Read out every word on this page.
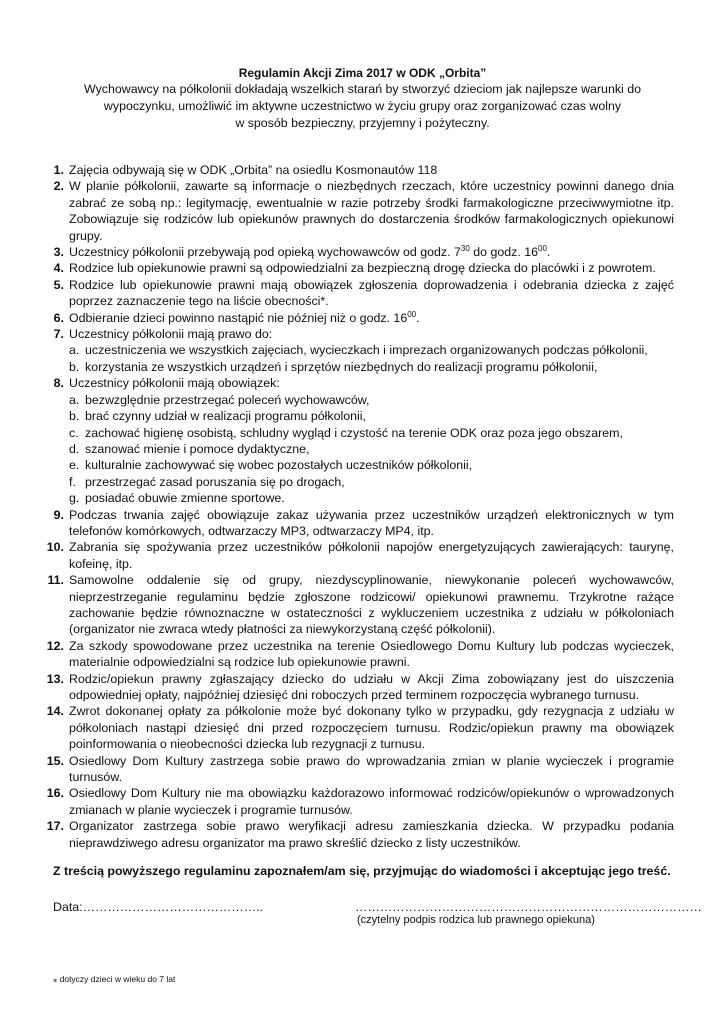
Regulamin Akcji Zima 2017 w ODK „Orbita”
Wychowawcy na półkolonii dokładają wszelkich starań by stworzyć dzieciom jak najlepsze warunki do
wypoczynku, umożliwić im aktywne uczestnictwo w życiu grupy oraz zorganizować czas wolny
w sposób bezpieczny, przyjemny i pożyteczny.
1. Zajęcia odbywają się w ODK „Orbita” na osiedlu Kosmonautów 118
2. W planie półkolonii, zawarte są informacje o niezbędnych rzeczach, które uczestnicy powinni danego dnia zabrać ze sobą np.: legitymację, ewentualnie w razie potrzeby środki farmakologiczne przeciwwymiotne itp. Zobowiązuje się rodziców lub opiekunów prawnych do dostarczenia środków farmakologicznych opiekunowi grupy.
3. Uczestnicy półkolonii przebywają pod opieką wychowawców od godz. $7^{30}$ do godz. $16^{00}$.
4. Rodzice lub opiekunowie prawni są odpowiedzialni za bezpieczną drogę dziecka do placówki i z powrotem.
5. Rodzice lub opiekunowie prawni mają obowiązek zgłoszenia doprowadzenia i odebrania dziecka z zajęć poprzez zaznaczenie tego na liście obecności*.
6. Odbieranie dzieci powinno nastąpić nie później niż o godz. $16^{00}$.
7. Uczestnicy półkolonii mają prawo do:
a. uczestniczenia we wszystkich zajęciach, wycieczkach i imprezach organizowanych podczas półkolonii,
b. korzystania ze wszystkich urządzeń i sprzętów niezbędnych do realizacji programu półkolonii,
8. Uczestnicy półkolonii mają obowiązek:
a. bezwzględnie przestrzegać poleceń wychowawców,
b. brać czynny udział w realizacji programu półkolonii,
c. zachować higienę osobistą, schludny wygląd i czystość na terenie ODK oraz poza jego obszarem,
d. szanować mienie i pomoce dydaktyczne,
e. kulturalnie zachowywać się wobec pozostałych uczestników półkolonii,
f. przestrzegać zasad poruszania się po drogach,
g. posiadać obuwie zmienne sportowe.
9. Podczas trwania zajęć obowiązuje zakaz używania przez uczestników urządzeń elektronicznych w tym telefonów komórkowych, odtwarzaczy MP3, odtwarzaczy MP4, itp.
10. Zabrania się spożywania przez uczestników półkolonii napojów energetyzujących zawierających: taurynę, kofeinę, itp.
11. Samowolne oddalenie się od grupy, niezdyscyplinowanie, niewykonanie poleceń wychowawców, nieprzestrzeganie regulaminu będzie zgłoszone rodzicowi/ opiekunowi prawnemu. Trzykrotne rażące zachowanie będzie równoznaczne w ostateczności z wykluczeniem uczestnika z udziału w półkoloniach (organizator nie zwraca wtedy płatności za niewykorzystaną część półkolonii).
12. Za szkody spowodowane przez uczestnika na terenie Osiedlowego Domu Kultury lub podczas wycieczek, materialnie odpowiedzialni są rodzice lub opiekunowie prawni.
13. Rodzic/opiekun prawny zgłaszający dziecko do udziału w Akcji Zima zobowiązany jest do uiszczenia odpowiedniej opłaty, najpóźniej dziesięć dni roboczych przed terminem rozpoczęcia wybranego turnusu.
14. Zwrot dokonanej opłaty za półkolonie może być dokonany tylko w przypadku, gdy rezygnacja z udziału w półkoloniach nastąpi dziesięć dni przed rozpoczęciem turnusu. Rodzic/opiekun prawny ma obowiązek poinformowania o nieobecności dziecka lub rezygnacji z turnusu.
15. Osiedlowy Dom Kultury zastrzega sobie prawo do wprowadzania zmian w planie wycieczek i programie turnusów.
16. Osiedlowy Dom Kultury nie ma obowiązku każdorazowo informować rodziców/opiekunów o wprowadzonych zmianach w planie wycieczek i programie turnusów.
17. Organizator zastrzega sobie prawo weryfikacji adresu zamieszkania dziecka. W przypadku podania nieprawdziwego adresu organizator ma prawo skreślić dziecko z listy uczestników.
Z treścią powyższego regulaminu zapoznałem/am się, przyjmując do wiadomości i akceptując jego treść.
Data:……………………………………..	…………………………………………………………………………
(czytelny podpis rodzica lub prawnego opiekuna)
⁎ dotyczy dzieci w wieku do 7 lat
